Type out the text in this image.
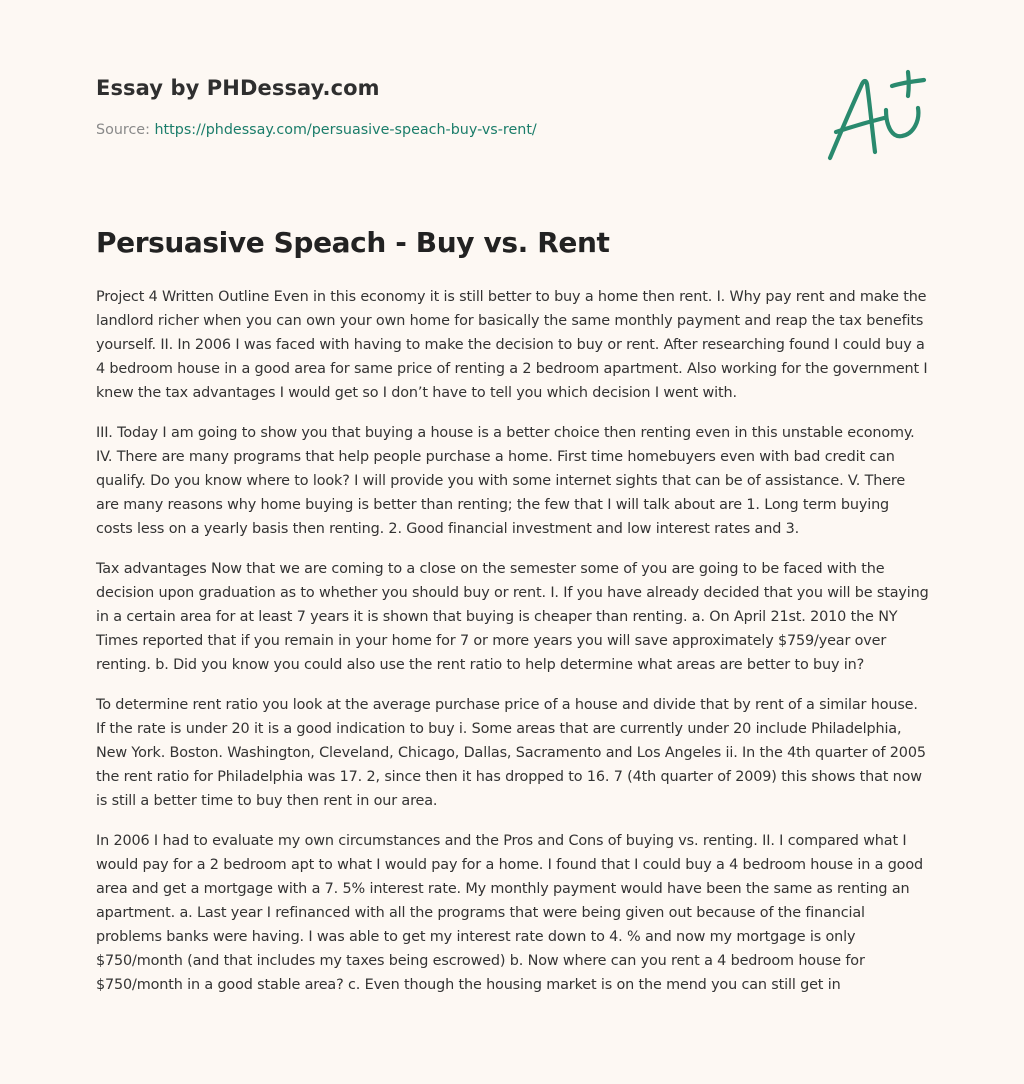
Essay by PHDessay.com
Source: https://phdessay.com/persuasive-speach-buy-vs-rent/
Persuasive Speach - Buy vs. Rent

Project 4 Written Outline Even in this economy it is still better to buy a home then rent. I. Why pay rent and make the landlord richer when you can own your own home for basically the same monthly payment and reap the tax benefits yourself. II. In 2006 I was faced with having to make the decision to buy or rent. After researching found I could buy a 4 bedroom house in a good area for same price of renting a 2 bedroom apartment. Also working for the government I knew the tax advantages I would get so I don’t have to tell you which decision I went with.

III. Today I am going to show you that buying a house is a better choice then renting even in this unstable economy. IV. There are many programs that help people purchase a home. First time homebuyers even with bad credit can qualify. Do you know where to look? I will provide you with some internet sights that can be of assistance. V. There are many reasons why home buying is better than renting; the few that I will talk about are 1. Long term buying costs less on a yearly basis then renting. 2. Good financial investment and low interest rates and 3.

Tax advantages Now that we are coming to a close on the semester some of you are going to be faced with the decision upon graduation as to whether you should buy or rent. I. If you have already decided that you will be staying in a certain area for at least 7 years it is shown that buying is cheaper than renting. a. On April 21st. 2010 the NY Times reported that if you remain in your home for 7 or more years you will save approximately $759/year over renting. b. Did you know you could also use the rent ratio to help determine what areas are better to buy in?

To determine rent ratio you look at the average purchase price of a house and divide that by rent of a similar house. If the rate is under 20 it is a good indication to buy i. Some areas that are currently under 20 include Philadelphia, New York. Boston. Washington, Cleveland, Chicago, Dallas, Sacramento and Los Angeles ii. In the 4th quarter of 2005 the rent ratio for Philadelphia was 17. 2, since then it has dropped to 16. 7 (4th quarter of 2009) this shows that now is still a better time to buy then rent in our area.

In 2006 I had to evaluate my own circumstances and the Pros and Cons of buying vs. renting. II. I compared what I would pay for a 2 bedroom apt to what I would pay for a home. I found that I could buy a 4 bedroom house in a good area and get a mortgage with a 7. 5% interest rate. My monthly payment would have been the same as renting an apartment. a. Last year I refinanced with all the programs that were being given out because of the financial problems banks were having. I was able to get my interest rate down to 4. % and now my mortgage is only $750/month (and that includes my taxes being escrowed) b. Now where can you rent a 4 bedroom house for $750/month in a good stable area? c. Even though the housing market is on the mend you can still get in
